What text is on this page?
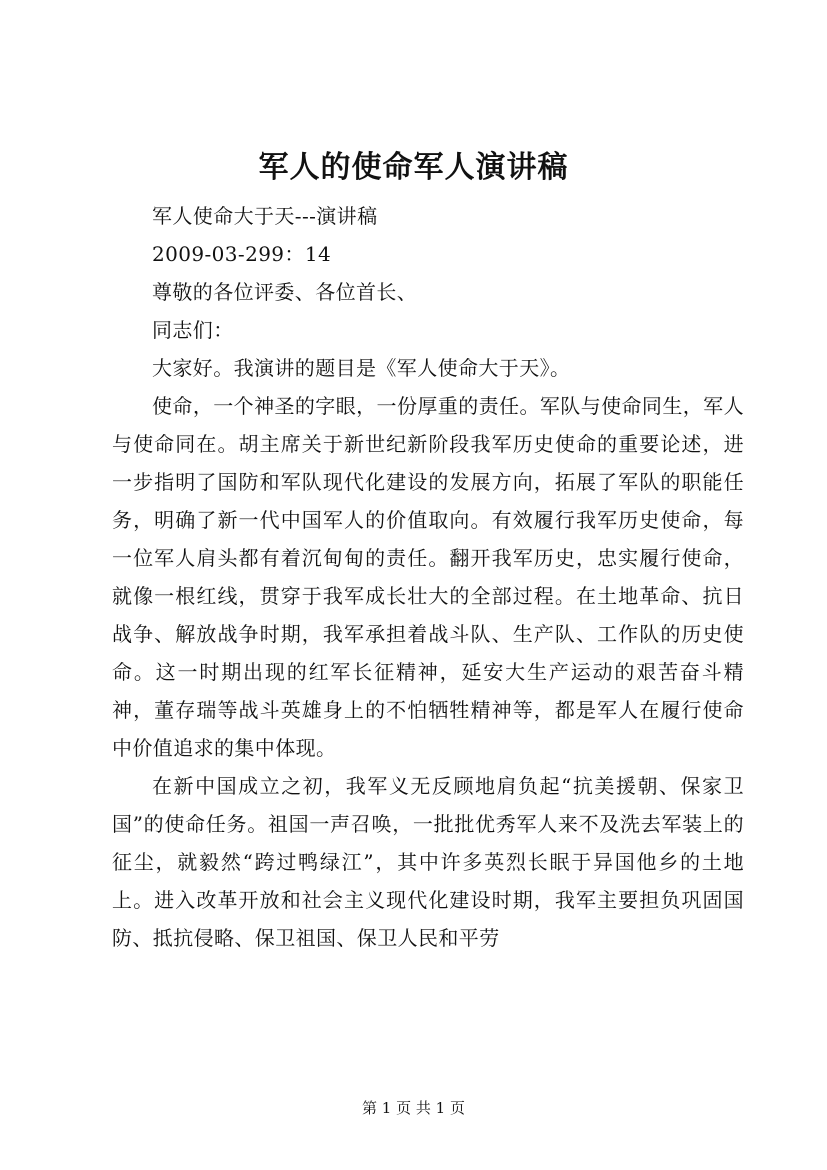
军人的使命军人演讲稿

军人使命大于天---演讲稿

2009-03-299：14

尊敬的各位评委、各位首长、

同志们：

大家好。我演讲的题目是《军人使命大于天》。

使命，一个神圣的字眼，一份厚重的责任。军队与使命同生，军人与使命同在。胡主席关于新世纪新阶段我军历史使命的重要论述，进一步指明了国防和军队现代化建设的发展方向，拓展了军队的职能任务，明确了新一代中国军人的价值取向。有效履行我军历史使命，每一位军人肩头都有着沉甸甸的责任。翻开我军历史，忠实履行使命，就像一根红线，贯穿于我军成长壮大的全部过程。在土地革命、抗日战争、解放战争时期，我军承担着战斗队、生产队、工作队的历史使命。这一时期出现的红军长征精神，延安大生产运动的艰苦奋斗精神，董存瑞等战斗英雄身上的不怕牺牲精神等，都是军人在履行使命中价值追求的集中体现。

在新中国成立之初，我军义无反顾地肩负起“抗美援朝、保家卫国”的使命任务。祖国一声召唤，一批批优秀军人来不及洗去军装上的征尘，就毅然“跨过鸭绿江”，其中许多英烈长眠于异国他乡的土地上。进入改革开放和社会主义现代化建设时期，我军主要担负巩固国防、抵抗侵略、保卫祖国、保卫人民和平劳

第 1 页 共 1 页
